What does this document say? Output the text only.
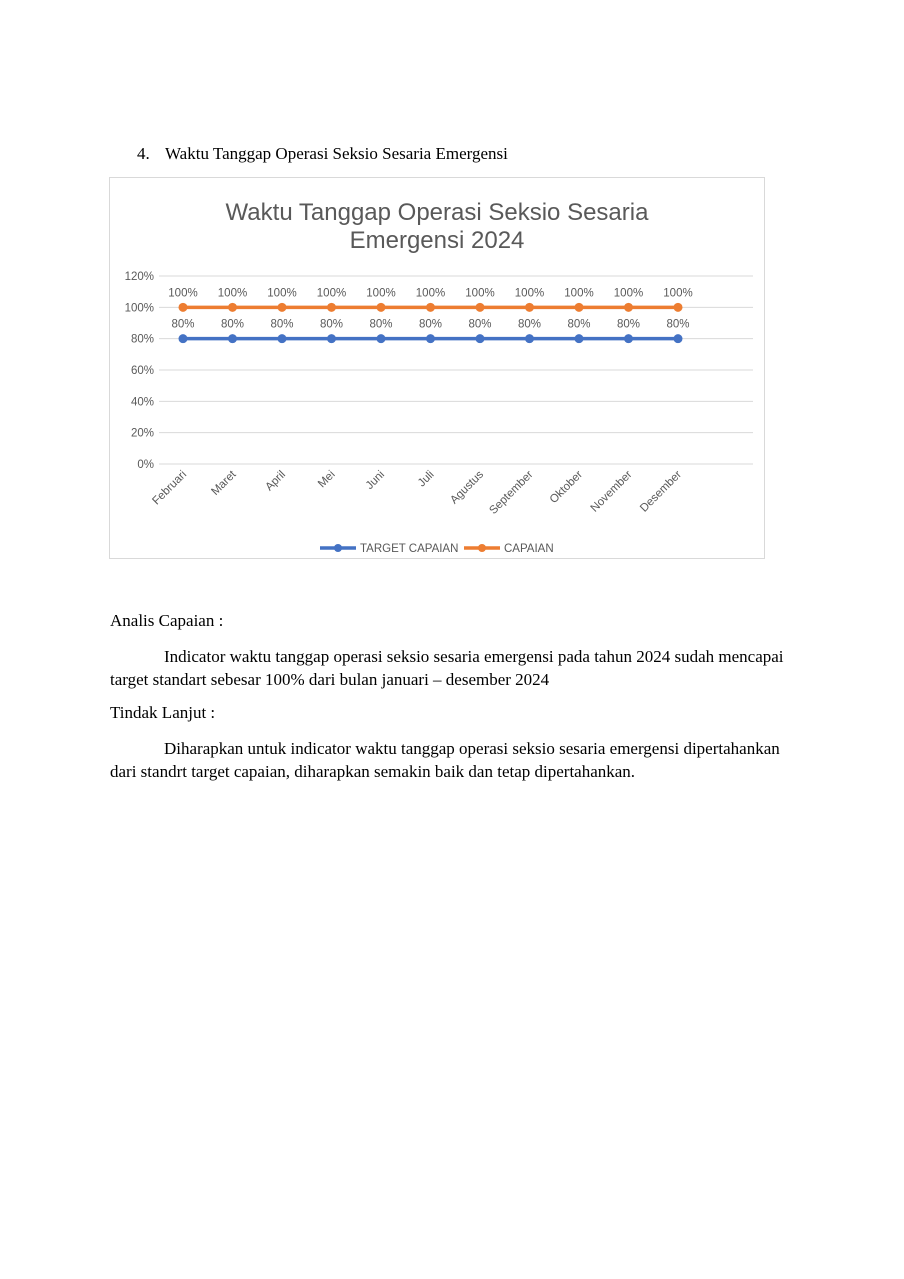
4. Waktu Tanggap Operasi Seksio Sesaria Emergensi
Waktu Tanggap Operasi Seksio Sesaria
Emergensi 2024
0%
20%
40%
60%
80%
100%
120%
Februari Maret April Mei Juni	Juli Agustus September Oktober November Desember
80% 80% 80% 80% 80% 80% 80% 80% 80% 80% 80%
100% 100% 100% 100% 100% 100% 100% 100% 100% 100% 100%
TARGET CAPAIAN	CAPAIAN
Analis Capaian :
Indicator waktu tanggap operasi seksio sesaria emergensi pada tahun 2024 sudah mencapai target standart sebesar 100% dari bulan januari – desember 2024
Tindak Lanjut :
Diharapkan untuk indicator waktu tanggap operasi seksio sesaria emergensi dipertahankan dari standrt target capaian, diharapkan semakin baik dan tetap dipertahankan.
